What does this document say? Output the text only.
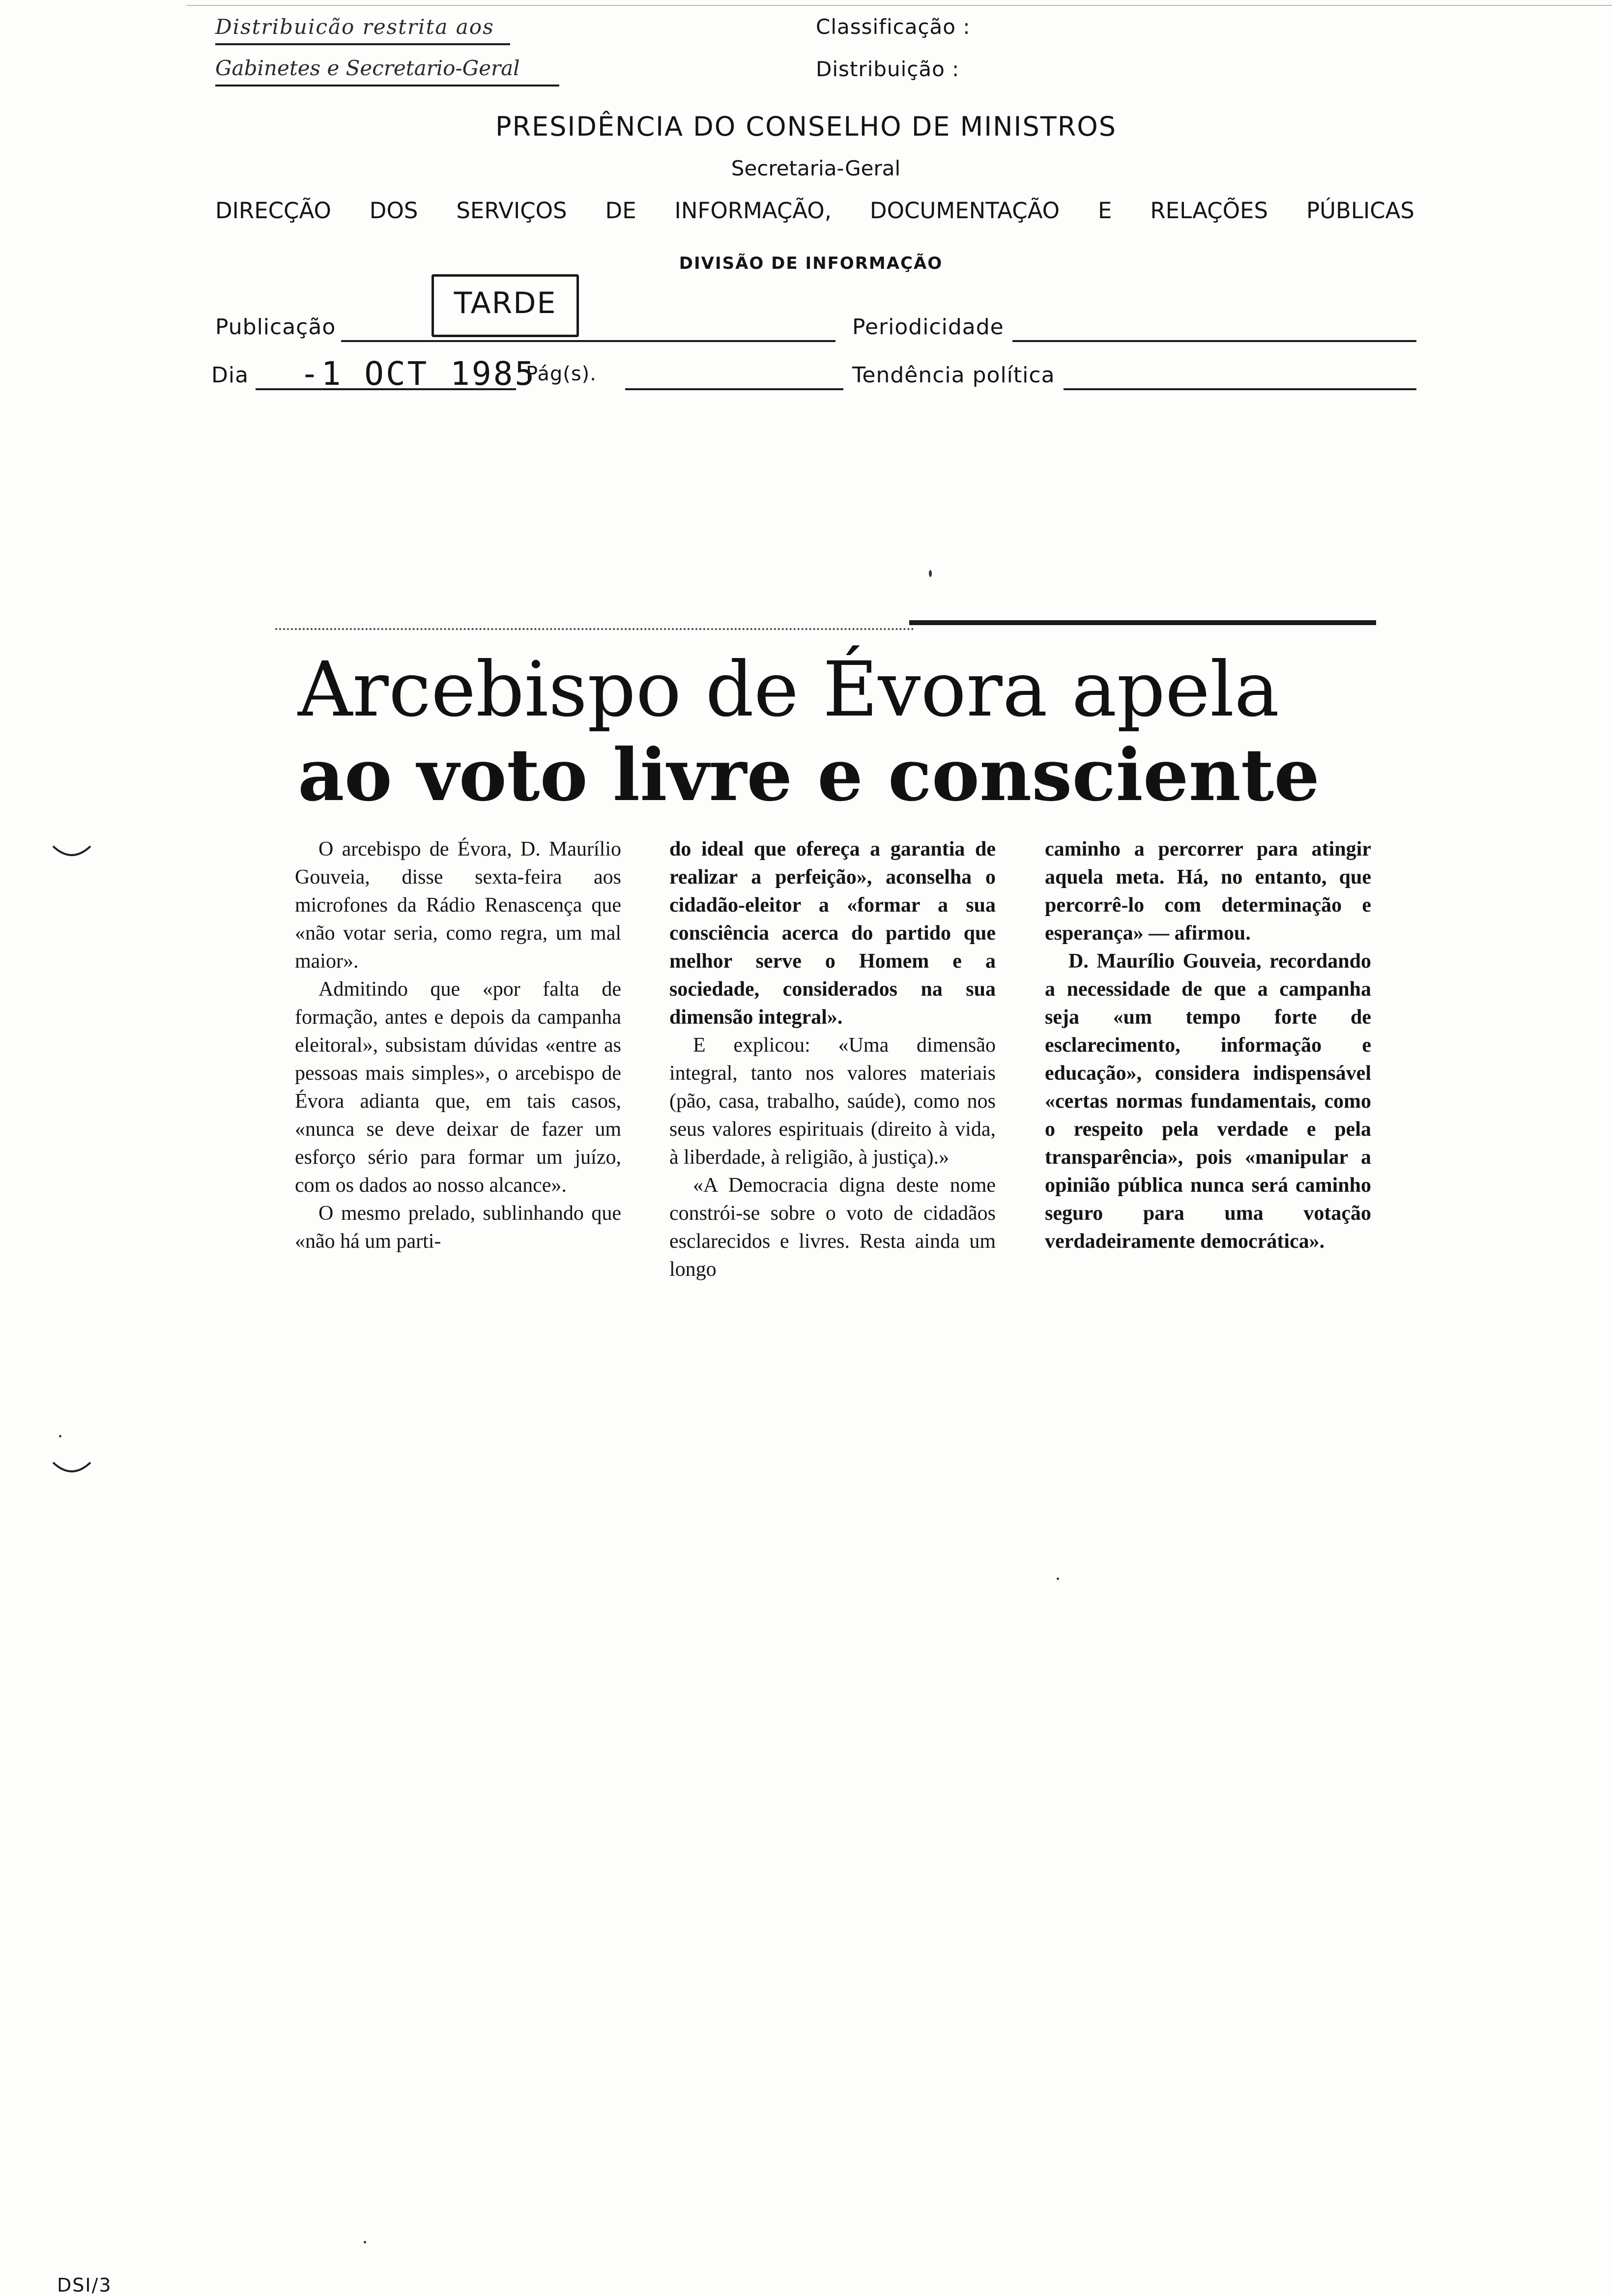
Distribuicão restrita aos
Gabinetes e Secretario-Geral
Classificação :
Distribuição :
PRESIDÊNCIA DO CONSELHO DE MINISTROS
Secretaria-Geral
DIRECÇÃO DOS SERVIÇOS DE INFORMAÇÃO, DOCUMENTAÇÃO E RELAÇÕES PÚBLICAS
DIVISÃO DE INFORMAÇÃO
Publicação
TARDE
Periodicidade
Dia -1 OCT 1985
Pág(s).	Tendência política
Arcebispo de Évora apela
ao voto livre e consciente

O arcebispo de Évora, D. Maurílio Gouveia, disse sexta-feira aos microfones da Rádio Renascença que «não votar seria, como regra, um mal maior».

Admitindo que «por falta de formação, antes e depois da campanha eleitoral», subsistam dúvidas «entre as pessoas mais simples», o arcebispo de Évora adianta que, em tais casos, «nunca se deve deixar de fazer um esforço sério para formar um juízo, com os dados ao nosso alcance».

O mesmo prelado, sublinhando que «não há um parti-

do ideal que ofereça a garantia de realizar a perfeição», aconselha o cidadão-eleitor a «formar a sua consciência acerca do partido que melhor serve o Homem e a sociedade, considerados na sua dimensão integral».

E explicou: «Uma dimensão integral, tanto nos valores materiais (pão, casa, trabalho, saúde), como nos seus valores espirituais (direito à vida, à liberdade, à religião, à justiça).»

«A Democracia digna deste nome constrói-se sobre o voto de cidadãos esclarecidos e livres. Resta ainda um longo

caminho a percorrer para atingir aquela meta. Há, no entanto, que percorrê-lo com determinação e esperança» — afirmou.

D. Maurílio Gouveia, recordando a necessidade de que a campanha seja «um tempo forte de esclarecimento, informação e educação», considera indispensável «certas normas fundamentais, como o respeito pela verdade e pela transparência», pois «manipular a opinião pública nunca será caminho seguro para uma votação verdadeiramente democrática».

DSI/3
